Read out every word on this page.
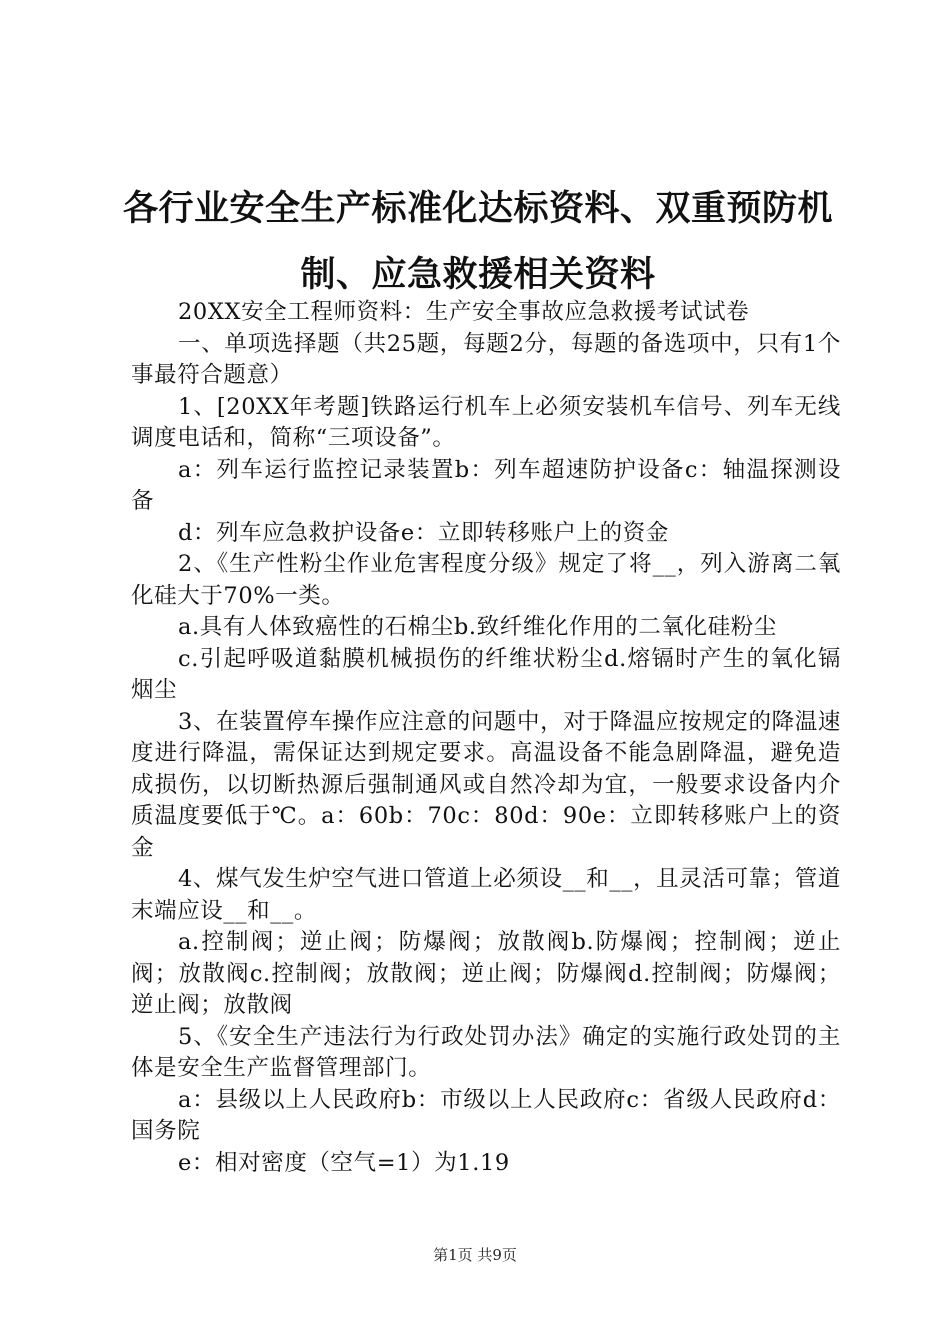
各行业安全生产标准化达标资料、双重预防机制、应急救援相关资料

20XX安全工程师资料：生产安全事故应急救援考试试卷

一、单项选择题（共25题，每题2分，每题的备选项中，只有1个事最符合题意）

1、[20XX年考题]铁路运行机车上必须安装机车信号、列车无线调度电话和，简称“三项设备”。

a：列车运行监控记录装置b：列车超速防护设备c：轴温探测设备

d：列车应急救护设备e：立即转移账户上的资金

2、《生产性粉尘作业危害程度分级》规定了将__，列入游离二氧化硅大于70%一类。

a.具有人体致癌性的石棉尘b.致纤维化作用的二氧化硅粉尘

c.引起呼吸道黏膜机械损伤的纤维状粉尘d.熔镉时产生的氧化镉烟尘

3、在装置停车操作应注意的问题中，对于降温应按规定的降温速度进行降温，需保证达到规定要求。高温设备不能急剧降温，避免造成损伤，以切断热源后强制通风或自然冷却为宜，一般要求设备内介质温度要低于℃。a：60b：70c：80d：90e：立即转移账户上的资金

4、煤气发生炉空气进口管道上必须设__和__，且灵活可靠；管道末端应设__和__。

a.控制阀；逆止阀；防爆阀；放散阀b.防爆阀；控制阀；逆止阀；放散阀c.控制阀；放散阀；逆止阀；防爆阀d.控制阀；防爆阀；逆止阀；放散阀

5、《安全生产违法行为行政处罚办法》确定的实施行政处罚的主体是安全生产监督管理部门。

a：县级以上人民政府b：市级以上人民政府c：省级人民政府d：国务院

e：相对密度（空气=1）为1.19

第1页 共9页
